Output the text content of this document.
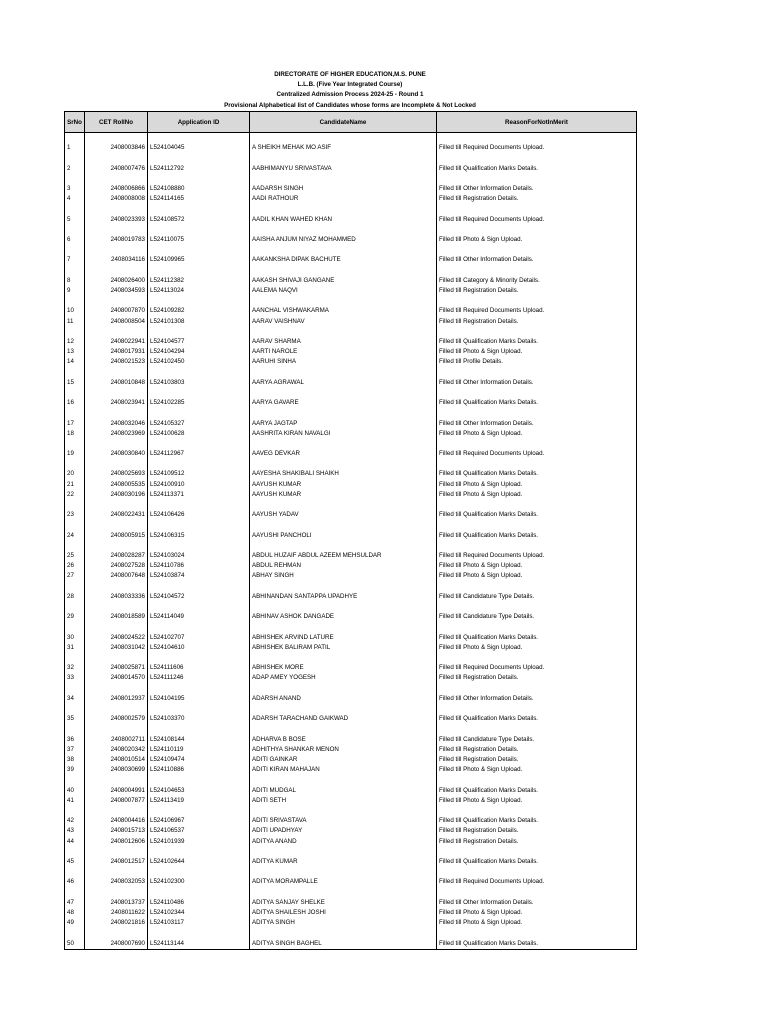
DIRECTORATE OF HIGHER EDUCATION,M.S. PUNE
L.L.B. (Five Year Integrated Course)
Centralized Admission Process 2024-25 - Round 1
Provisional Alphabetical list of Candidates whose forms are Incomplete & Not Locked
SrNo	CET RollNo	Application ID	CandidateName	ReasonForNotInMerit

1	2408003846	L524104045	A SHEIKH MEHAK MO ASIF	Filled till Required Documents Upload.

2	2408007476	L524112792	AABHIMANYU SRIVASTAVA	Filled till Qualification Marks Details.

3	2408006866	L524108880	AADARSH SINGH	Filled till Other Information Details.
4	2408008008	L524114165	AADI RATHOUR	Filled till Registration Details.

5	2408023393	L524108572	AADIL KHAN WAHED KHAN	Filled till Required Documents Upload.

6	2408019783	L524110075	AAISHA ANJUM NIYAZ MOHAMMED	Filled till Photo & Sign Upload.

7	2408034116	L524109965	AAKANKSHA DIPAK BACHUTE	Filled till Other Information Details.

8	2408026400	L524112382	AAKASH SHIVAJI GANGANE	Filled till Category & Minority Details.
9	2408034593	L524113024	AALEMA NAQVI	Filled till Registration Details.

10	2408007870	L524109282	AANCHAL VISHWAKARMA	Filled till Required Documents Upload.
11	2408008504	L524101308	AARAV VAISHNAV	Filled till Registration Details.

12	2408022941	L524104577	AARAV SHARMA	Filled till Qualification Marks Details.
13	2408017931	L524104294	AARTI NAROLE	Filled till Photo & Sign Upload.
14	2408021523	L524102450	AARUHI SINHA	Filled till Profile Details.

15	2408010848	L524103803	AARYA AGRAWAL	Filled till Other Information Details.

16	2408023941	L524102285	AARYA GAVARE	Filled till Qualification Marks Details.

17	2408032046	L524105327	AARYA JAGTAP	Filled till Other Information Details.
18	2408023969	L524100628	AASHRITA KIRAN NAVALGI	Filled till Photo & Sign Upload.

19	2408030840	L524112967	AAVEG DEVKAR	Filled till Required Documents Upload.

20	2408025693	L524109512	AAYESHA SHAKIBALI SHAIKH	Filled till Qualification Marks Details.
21	2408005535	L524100910	AAYUSH KUMAR	Filled till Photo & Sign Upload.
22	2408030196	L524113371	AAYUSH KUMAR	Filled till Photo & Sign Upload.

23	2408022431	L524106426	AAYUSH YADAV	Filled till Qualification Marks Details.

24	2408005915	L524106315	AAYUSHI PANCHOLI	Filled till Qualification Marks Details.

25	2408028287	L524103024	ABDUL HUZAIF ABDUL AZEEM MEHSULDAR	Filled till Required Documents Upload.
26	2408027528	L524110786	ABDUL REHMAN	Filled till Photo & Sign Upload.
27	2408007648	L524103874	ABHAY SINGH	Filled till Photo & Sign Upload.

28	2408033336	L524104572	ABHINANDAN SANTAPPA UPADHYE	Filled till Candidature Type Details.

29	2408018589	L524114049	ABHINAV ASHOK DANGADE	Filled till Candidature Type Details.

30	2408024522	L524102707	ABHISHEK ARVIND LATURE	Filled till Qualification Marks Details.
31	2408031042	L524104610	ABHISHEK BALIRAM PATIL	Filled till Photo & Sign Upload.

32	2408025871	L524111606	ABHISHEK MORE	Filled till Required Documents Upload.
33	2408014570	L524111246	ADAP AMEY YOGESH	Filled till Registration Details.

34	2408012937	L524104195	ADARSH ANAND	Filled till Other Information Details.

35	2408002579	L524103370	ADARSH TARACHAND GAIKWAD	Filled till Qualification Marks Details.

36	2408002711	L524108144	ADHARVA B BOSE	Filled till Candidature Type Details.
37	2408020342	L524110119	ADHITHYA SHANKAR MENON	Filled till Registration Details.
38	2408010514	L524109474	ADITI GAINKAR	Filled till Registration Details.
39	2408030699	L524110886	ADITI KIRAN MAHAJAN	Filled till Photo & Sign Upload.

40	2408004991	L524104653	ADITI MUDGAL	Filled till Qualification Marks Details.
41	2408007877	L524113419	ADITI SETH	Filled till Photo & Sign Upload.

42	2408004416	L524106967	ADITI SRIVASTAVA	Filled till Qualification Marks Details.
43	2408015713	L524106537	ADITI UPADHYAY	Filled till Registration Details.
44	2408012606	L524101939	ADITYA ANAND	Filled till Registration Details.

45	2408012517	L524102644	ADITYA KUMAR	Filled till Qualification Marks Details.

46	2408032053	L524102300	ADITYA MORAMPALLE	Filled till Required Documents Upload.

47	2408013737	L524110486	ADITYA SANJAY SHELKE	Filled till Other Information Details.
48	2408011622	L524102344	ADITYA SHAILESH JOSHI	Filled till Photo & Sign Upload.
49	2408021816	L524103117	ADITYA SINGH	Filled till Photo & Sign Upload.

50	2408007690	L524113144	ADITYA SINGH BAGHEL	Filled till Qualification Marks Details.
